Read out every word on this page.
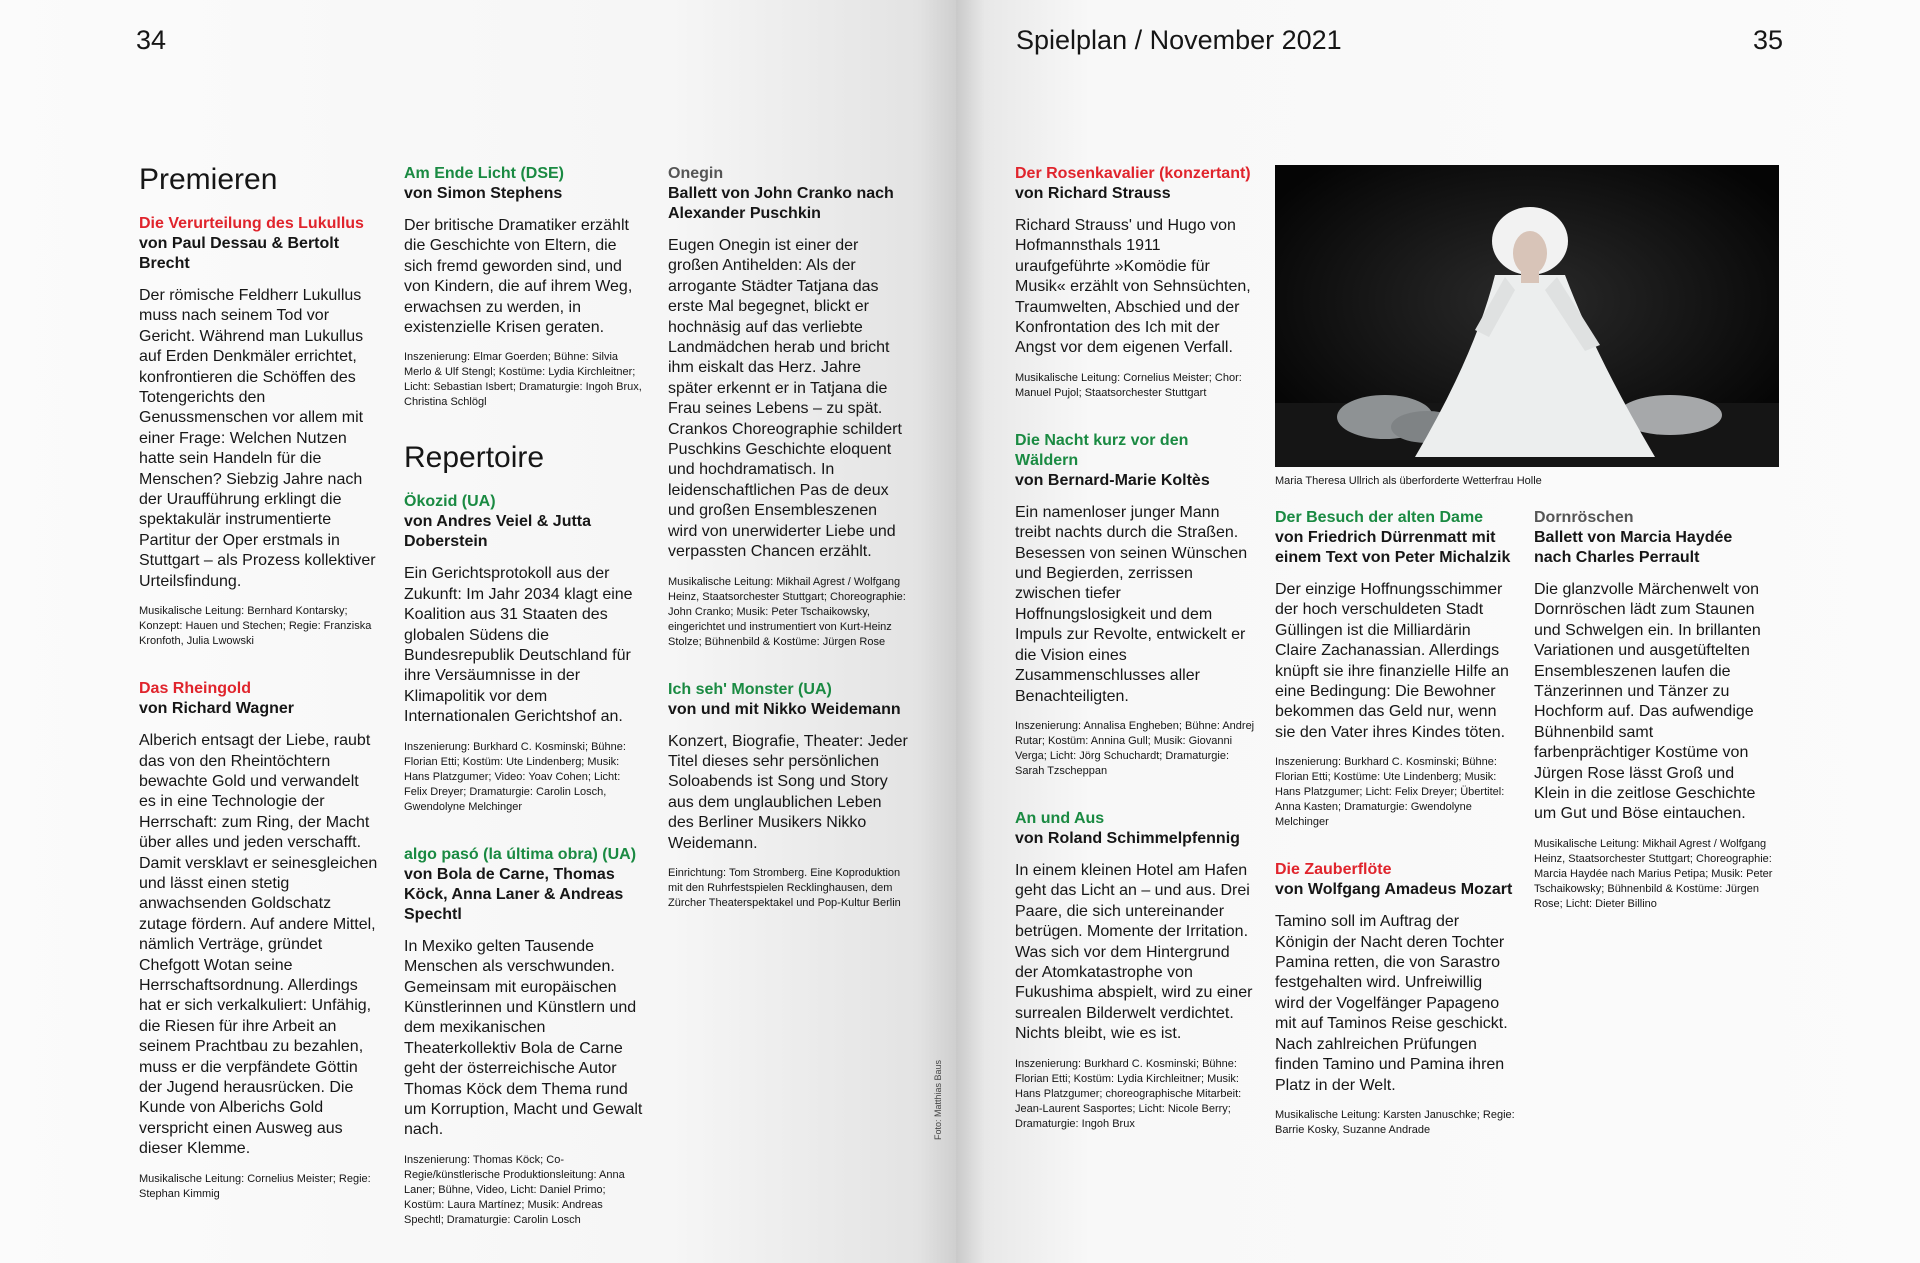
34
Premieren
Die Verurteilung des Lukullus
von Paul Dessau & Bertolt Brecht

Der römische Feldherr Lukullus muss nach seinem Tod vor Gericht. Während man Lukullus auf Erden Denkmäler errichtet, konfrontieren die Schöffen des Totengerichts den Genussmenschen vor allem mit einer Frage: Welchen Nutzen hatte sein Handeln für die Menschen? Siebzig Jahre nach der Uraufführung erklingt die spektakulär instrumentierte Partitur der Oper erstmals in Stuttgart – als Prozess kollektiver Urteilsfindung.

Musikalische Leitung: Bernhard Kontarsky; Konzept: Hauen und Stechen; Regie: Franziska Kronfoth, Julia Lwowski

Das Rheingold
von Richard Wagner

Alberich entsagt der Liebe, raubt das von den Rheintöchtern bewachte Gold und verwandelt es in eine Technologie der Herrschaft: zum Ring, der Macht über alles und jeden verschafft. Damit versklavt er seinesgleichen und lässt einen stetig anwachsenden Goldschatz zutage fördern. Auf andere Mittel, nämlich Verträge, gründet Chefgott Wotan seine Herrschaftsordnung. Allerdings hat er sich verkalkuliert: Unfähig, die Riesen für ihre Arbeit an seinem Prachtbau zu bezahlen, muss er die verpfändete Göttin der Jugend herausrücken. Die Kunde von Alberichs Gold verspricht einen Ausweg aus dieser Klemme.

Musikalische Leitung: Cornelius Meister; Regie: Stephan Kimmig

Am Ende Licht (DSE)
von Simon Stephens

Der britische Dramatiker erzählt die Geschichte von Eltern, die sich fremd geworden sind, und von Kindern, die auf ihrem Weg, erwachsen zu werden, in existenzielle Krisen geraten.

Inszenierung: Elmar Goerden; Bühne: Silvia Merlo & Ulf Stengl; Kostüme: Lydia Kirchleitner; Licht: Sebastian Isbert; Dramaturgie: Ingoh Brux, Christina Schlögl

Repertoire
Ökozid (UA)
von Andres Veiel & Jutta Doberstein

Ein Gerichtsprotokoll aus der Zukunft: Im Jahr 2034 klagt eine Koalition aus 31 Staaten des globalen Südens die Bundesrepublik Deutschland für ihre Versäumnisse in der Klimapolitik vor dem Internationalen Gerichtshof an.

Inszenierung: Burkhard C. Kosminski; Bühne: Florian Etti; Kostüm: Ute Lindenberg; Musik: Hans Platzgumer; Video: Yoav Cohen; Licht: Felix Dreyer; Dramaturgie: Carolin Losch, Gwendolyne Melchinger

algo pasó (la última obra) (UA)
von Bola de Carne, Thomas Köck, Anna Laner & Andreas Spechtl

In Mexiko gelten Tausende Menschen als verschwunden. Gemeinsam mit europäischen Künstlerinnen und Künstlern und dem mexikanischen Theaterkollektiv Bola de Carne geht der österreichische Autor Thomas Köck dem Thema rund um Korruption, Macht und Gewalt nach.

Inszenierung: Thomas Köck; Co-Regie/künstlerische Produktionsleitung: Anna Laner; Bühne, Video, Licht: Daniel Primo; Kostüm: Laura Martínez; Musik: Andreas Spechtl; Dramaturgie: Carolin Losch

Onegin
Ballett von John Cranko nach Alexander Puschkin

Eugen Onegin ist einer der großen Antihelden: Als der arrogante Städter Tatjana das erste Mal begegnet, blickt er hochnäsig auf das verliebte Landmädchen herab und bricht ihm eiskalt das Herz. Jahre später erkennt er in Tatjana die Frau seines Lebens – zu spät. Crankos Choreographie schildert Puschkins Geschichte eloquent und hochdramatisch. In leidenschaftlichen Pas de deux und großen Ensembleszenen wird von unerwiderter Liebe und verpassten Chancen erzählt.

Musikalische Leitung: Mikhail Agrest / Wolfgang Heinz, Staatsorchester Stuttgart; Choreographie: John Cranko; Musik: Peter Tschaikowsky, eingerichtet und instrumentiert von Kurt-Heinz Stolze; Bühnenbild & Kostüme: Jürgen Rose

Ich seh' Monster (UA)
von und mit Nikko Weidemann

Konzert, Biografie, Theater: Jeder Titel dieses sehr persönlichen Soloabends ist Song und Story aus dem unglaublichen Leben des Berliner Musikers Nikko Weidemann.

Einrichtung: Tom Stromberg. Eine Koproduktion mit den Ruhrfestspielen Recklinghausen, dem Zürcher Theaterspektakel und Pop-Kultur Berlin

Foto: Matthias Baus
Spielplan / November 2021	35
Der Rosenkavalier (konzertant)
von Richard Strauss

Richard Strauss' und Hugo von Hofmannsthals 1911 uraufgeführte »Komödie für Musik« erzählt von Sehnsüchten, Traumwelten, Abschied und der Konfrontation des Ich mit der Angst vor dem eigenen Verfall.

Musikalische Leitung: Cornelius Meister; Chor: Manuel Pujol; Staatsorchester Stuttgart

Die Nacht kurz vor den Wäldern
von Bernard-Marie Koltès

Ein namenloser junger Mann treibt nachts durch die Straßen. Besessen von seinen Wünschen und Begierden, zerrissen zwischen tiefer Hoffnungslosigkeit und dem Impuls zur Revolte, entwickelt er die Vision eines Zusammenschlusses aller Benachteiligten.

Inszenierung: Annalisa Engheben; Bühne: Andrej Rutar; Kostüm: Annina Gull; Musik: Giovanni Verga; Licht: Jörg Schuchardt; Dramaturgie: Sarah Tzscheppan

An und Aus
von Roland Schimmelpfennig

In einem kleinen Hotel am Hafen geht das Licht an – und aus. Drei Paare, die sich untereinander betrügen. Momente der Irritation. Was sich vor dem Hintergrund der Atomkatastrophe von Fukushima abspielt, wird zu einer surrealen Bilderwelt verdichtet. Nichts bleibt, wie es ist.

Inszenierung: Burkhard C. Kosminski; Bühne: Florian Etti; Kostüm: Lydia Kirchleitner; Musik: Hans Platzgumer; choreographische Mitarbeit: Jean-Laurent Sasportes; Licht: Nicole Berry; Dramaturgie: Ingoh Brux

Maria Theresa Ullrich als überforderte Wetterfrau Holle
Der Besuch der alten Dame
von Friedrich Dürrenmatt mit einem Text von Peter Michalzik

Der einzige Hoffnungsschimmer der hoch verschuldeten Stadt Güllingen ist die Milliardärin Claire Zachanassian. Allerdings knüpft sie ihre finanzielle Hilfe an eine Bedingung: Die Bewohner bekommen das Geld nur, wenn sie den Vater ihres Kindes töten.

Inszenierung: Burkhard C. Kosminski; Bühne: Florian Etti; Kostüme: Ute Lindenberg; Musik: Hans Platzgumer; Licht: Felix Dreyer; Übertitel: Anna Kasten; Dramaturgie: Gwendolyne Melchinger

Die Zauberflöte
von Wolfgang Amadeus Mozart

Tamino soll im Auftrag der Königin der Nacht deren Tochter Pamina retten, die von Sarastro festgehalten wird. Unfreiwillig wird der Vogelfänger Papageno mit auf Taminos Reise geschickt. Nach zahlreichen Prüfungen finden Tamino und Pamina ihren Platz in der Welt.

Musikalische Leitung: Karsten Januschke; Regie: Barrie Kosky, Suzanne Andrade

Dornröschen
Ballett von Marcia Haydée nach Charles Perrault

Die glanzvolle Märchenwelt von Dornröschen lädt zum Staunen und Schwelgen ein. In brillanten Variationen und ausgetüftelten Ensembleszenen laufen die Tänzerinnen und Tänzer zu Hochform auf. Das aufwendige Bühnenbild samt farbenprächtiger Kostüme von Jürgen Rose lässt Groß und Klein in die zeitlose Geschichte um Gut und Böse eintauchen.

Musikalische Leitung: Mikhail Agrest / Wolfgang Heinz, Staatsorchester Stuttgart; Choreographie: Marcia Haydée nach Marius Petipa; Musik: Peter Tschaikowsky; Bühnenbild & Kostüme: Jürgen Rose; Licht: Dieter Billino
